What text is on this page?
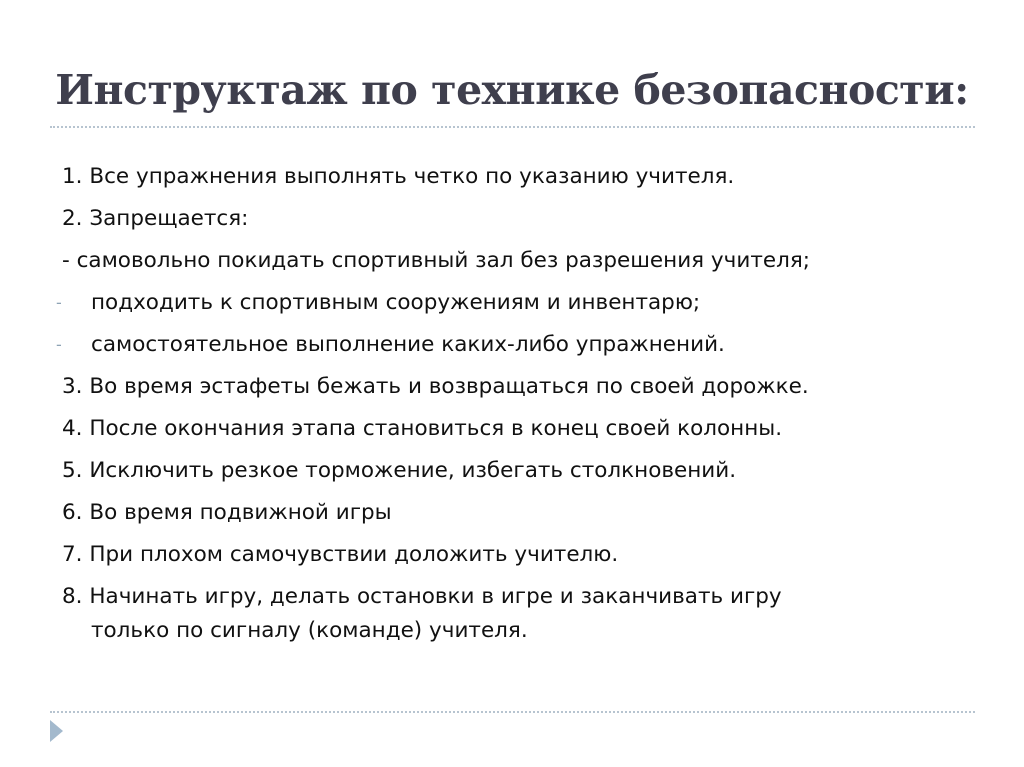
Инструктаж по технике безопасности:
1. Все упражнения выполнять четко по указанию учителя.
2. Запрещается:
- самовольно покидать спортивный зал без разрешения учителя;
- подходить к спортивным сооружениям и инвентарю;
- самостоятельное выполнение каких-либо упражнений.
3. Во время эстафеты бежать и возвращаться по своей дорожке.
4. После окончания этапа становиться в конец своей колонны.
5. Исключить резкое торможение, избегать столкновений.
6. Во время подвижной игры
7. При плохом самочувствии доложить учителю.
8. Начинать игру, делать остановки в игре и заканчивать игру
только по сигналу (команде) учителя.
